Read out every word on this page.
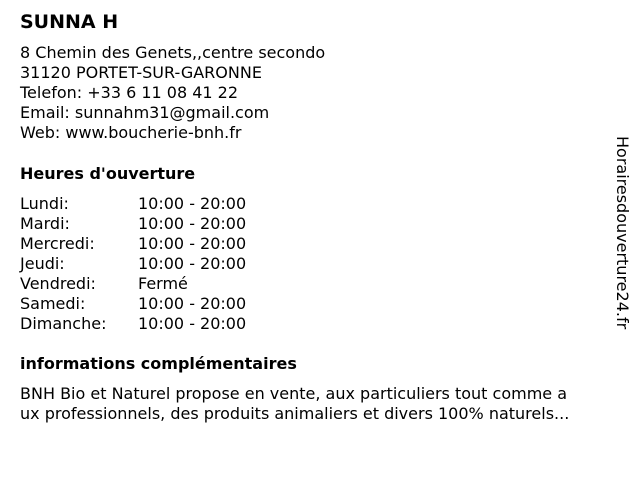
SUNNA H
8 Chemin des Genets,,centre secondo
31120 PORTET-SUR-GARONNE
Telefon: +33 6 11 08 41 22
Email: sunnahm31@gmail.com
Web: www.boucherie-bnh.fr
Heures d'ouverture
Lundi:	10:00 - 20:00
Mardi:	10:00 - 20:00
Mercredi:	10:00 - 20:00
Jeudi:	10:00 - 20:00
Vendredi:	Fermé
Samedi:	10:00 - 20:00
Dimanche:	10:00 - 20:00
informations complémentaires

BNH Bio et Naturel propose en vente, aux particuliers tout comme a
ux professionnels, des produits animaliers et divers 100% naturels...

Horairesdouverture24.fr
